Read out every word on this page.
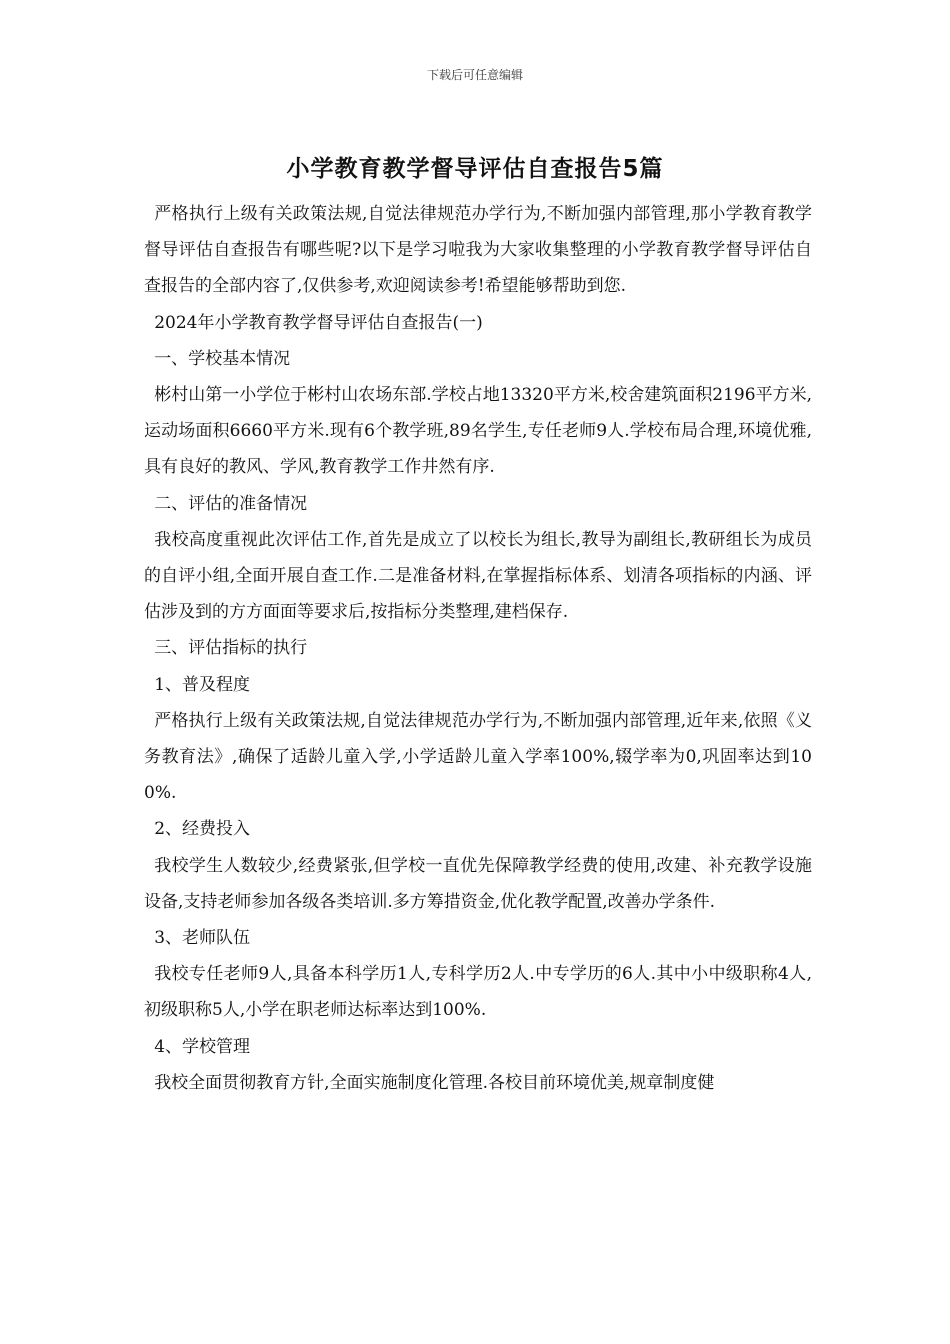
下载后可任意编辑
小学教育教学督导评估自查报告5篇

严格执行上级有关政策法规,自觉法律规范办学行为,不断加强内部管理,那小学教育教学督导评估自查报告有哪些呢?以下是学习啦我为大家收集整理的小学教育教学督导评估自查报告的全部内容了,仅供参考,欢迎阅读参考!希望能够帮助到您.

2024年小学教育教学督导评估自查报告(一)

一、学校基本情况

彬村山第一小学位于彬村山农场东部.学校占地13320平方米,校舍建筑面积2196平方米,运动场面积6660平方米.现有6个教学班,89名学生,专任老师9人.学校布局合理,环境优雅,具有良好的教风、学风,教育教学工作井然有序.

二、评估的准备情况

我校高度重视此次评估工作,首先是成立了以校长为组长,教导为副组长,教研组长为成员的自评小组,全面开展自查工作.二是准备材料,在掌握指标体系、划清各项指标的内涵、评估涉及到的方方面面等要求后,按指标分类整理,建档保存.

三、评估指标的执行

1、普及程度

严格执行上级有关政策法规,自觉法律规范办学行为,不断加强内部管理,近年来,依照《义务教育法》,确保了适龄儿童入学,小学适龄儿童入学率100%,辍学率为0,巩固率达到100%.

2、经费投入

我校学生人数较少,经费紧张,但学校一直优先保障教学经费的使用,改建、补充教学设施设备,支持老师参加各级各类培训.多方筹措资金,优化教学配置,改善办学条件.

3、老师队伍

我校专任老师9人,具备本科学历1人,专科学历2人.中专学历的6人.其中小中级职称4人,初级职称5人,小学在职老师达标率达到100%.

4、学校管理

我校全面贯彻教育方针,全面实施制度化管理.各校目前环境优美,规章制度健
